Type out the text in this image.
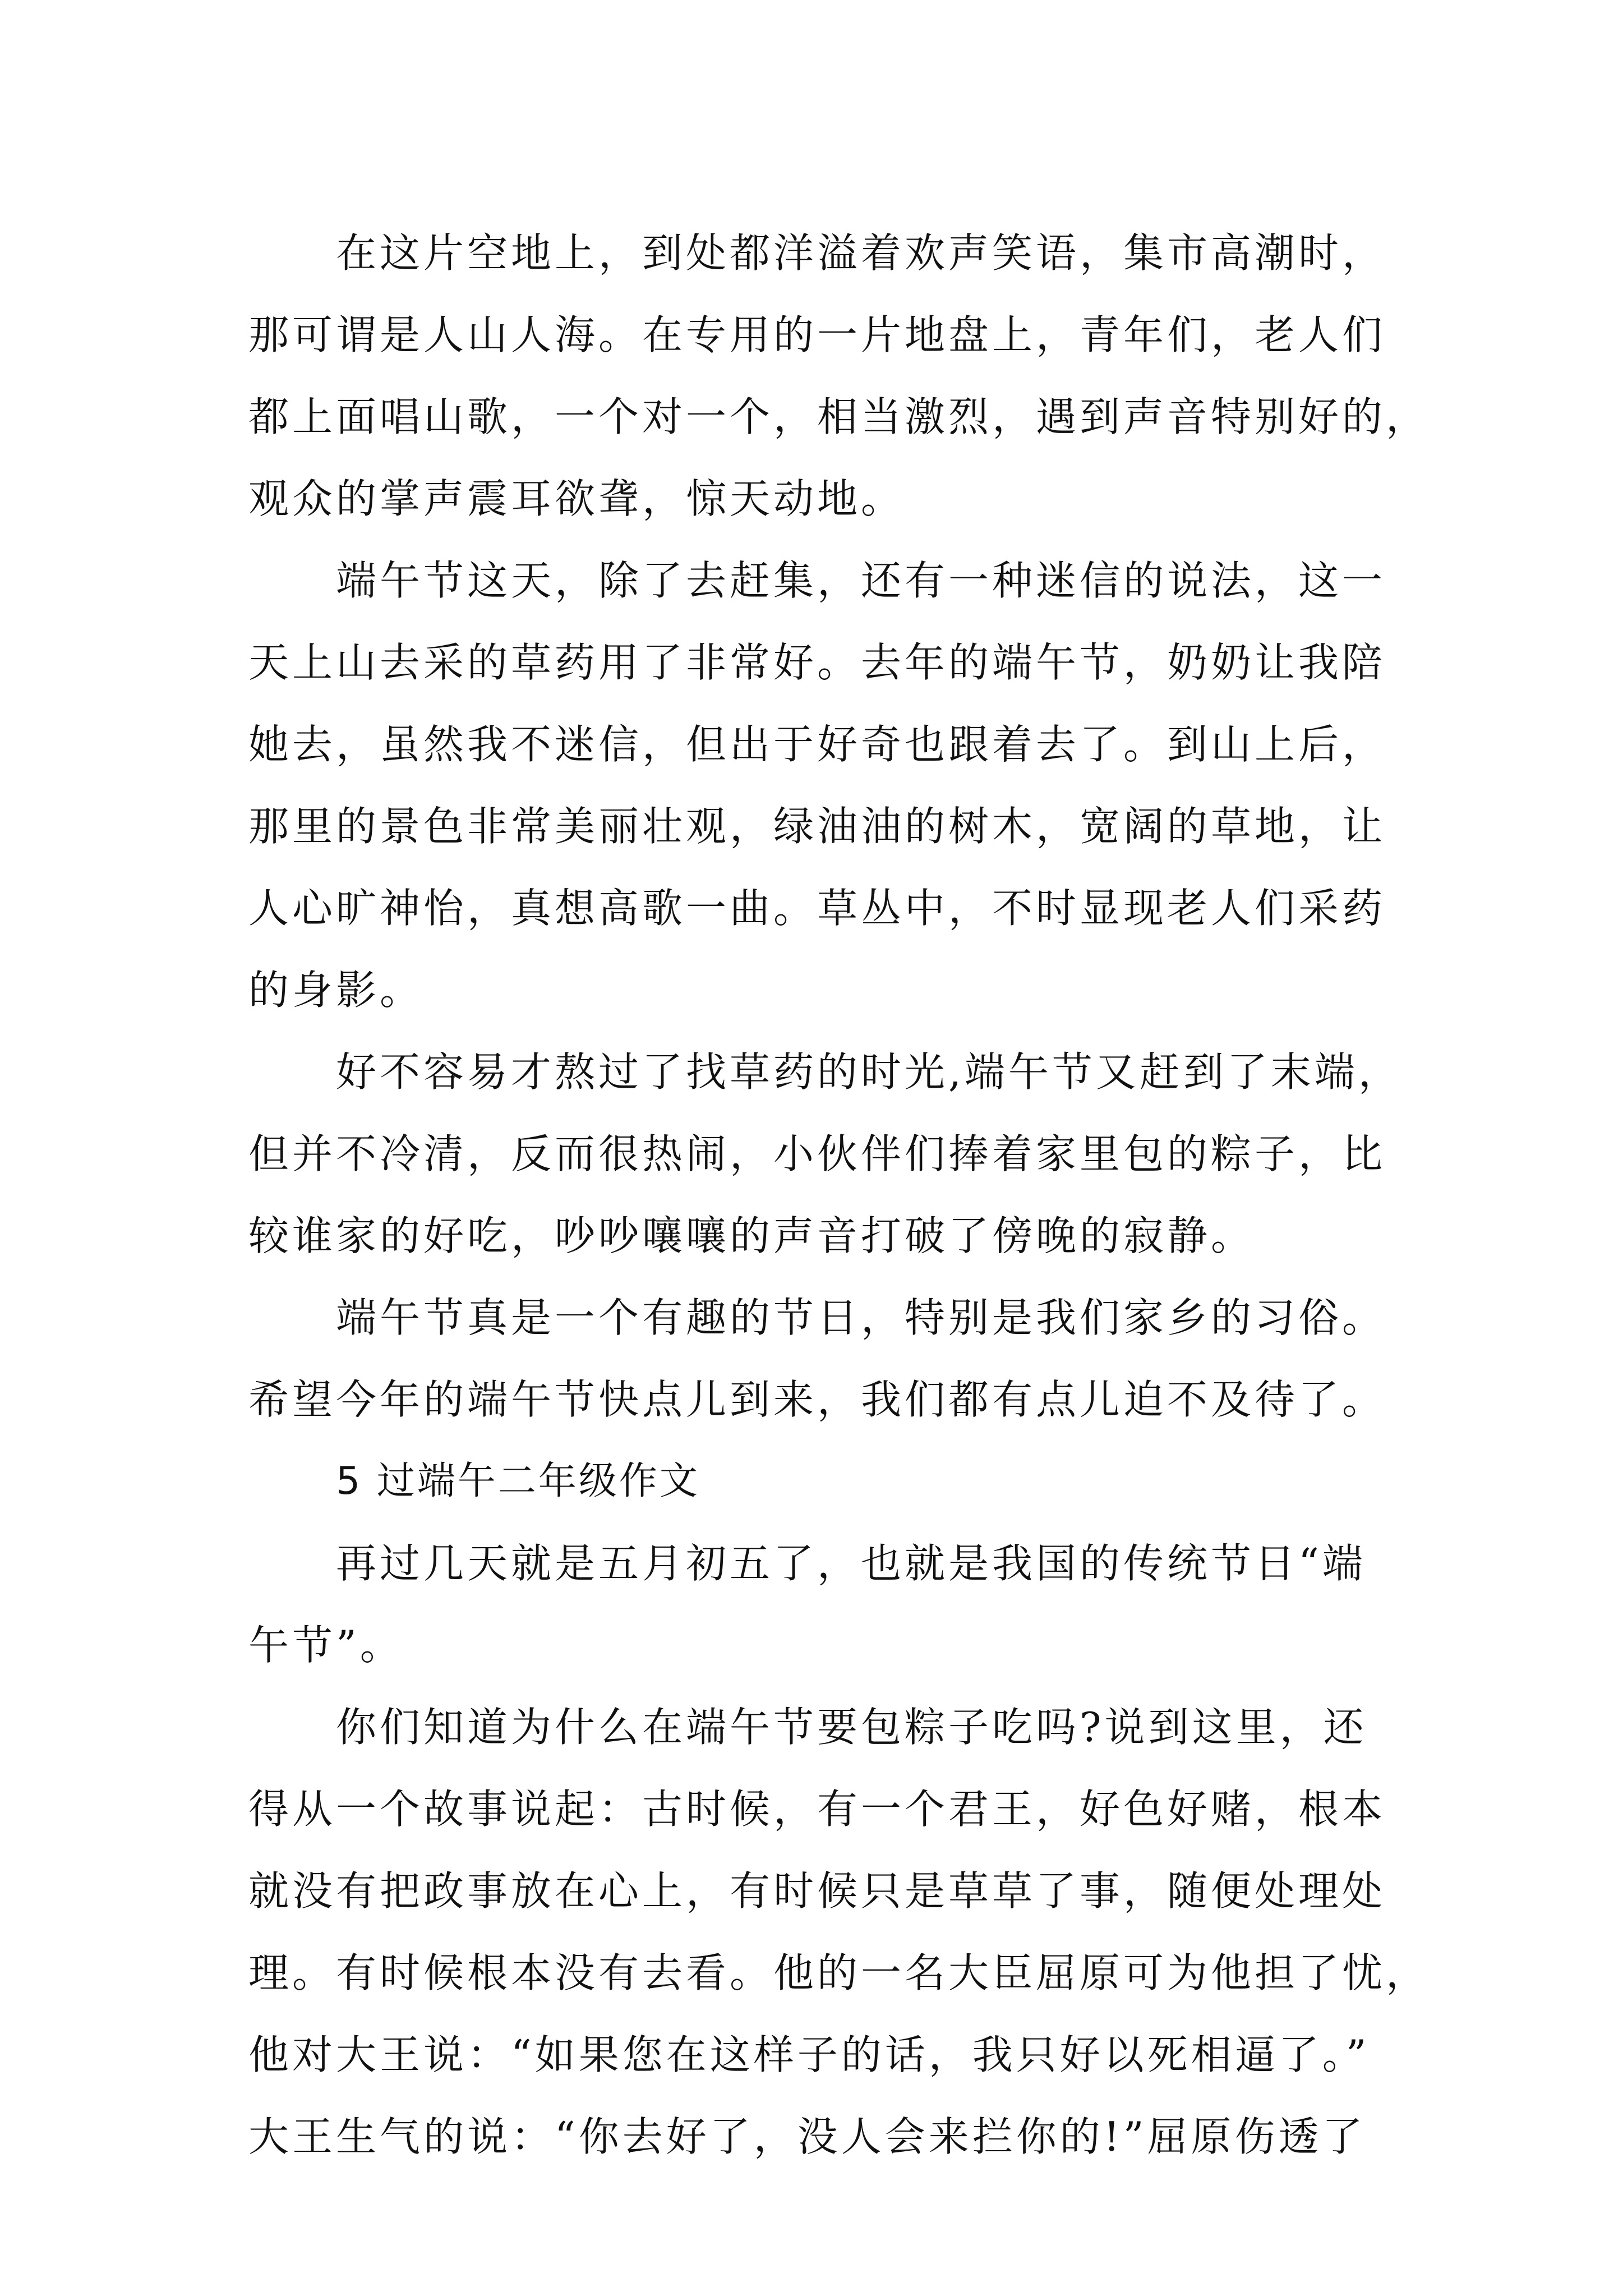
在这片空地上，到处都洋溢着欢声笑语，集市高潮时，
那可谓是人山人海。在专用的一片地盘上，青年们，老人们
都上面唱山歌，一个对一个，相当激烈，遇到声音特别好的，
观众的掌声震耳欲聋，惊天动地。
端午节这天，除了去赶集，还有一种迷信的说法，这一
天上山去采的草药用了非常好。去年的端午节，奶奶让我陪
她去，虽然我不迷信，但出于好奇也跟着去了。到山上后，
那里的景色非常美丽壮观，绿油油的树木，宽阔的草地，让
人心旷神怡，真想高歌一曲。草丛中，不时显现老人们采药
的身影。
好不容易才熬过了找草药的时光,端午节又赶到了末端，
但并不冷清，反而很热闹，小伙伴们捧着家里包的粽子，比
较谁家的好吃，吵吵嚷嚷的声音打破了傍晚的寂静。
端午节真是一个有趣的节日，特别是我们家乡的习俗。
希望今年的端午节快点儿到来，我们都有点儿迫不及待了。
5 过端午二年级作文
再过几天就是五月初五了，也就是我国的传统节日“端
午节”。
你们知道为什么在端午节要包粽子吃吗?说到这里，还
得从一个故事说起：古时候，有一个君王，好色好赌，根本
就没有把政事放在心上，有时候只是草草了事，随便处理处
理。有时候根本没有去看。他的一名大臣屈原可为他担了忧，
他对大王说：“如果您在这样子的话，我只好以死相逼了。”
大王生气的说：“你去好了，没人会来拦你的!”屈原伤透了
